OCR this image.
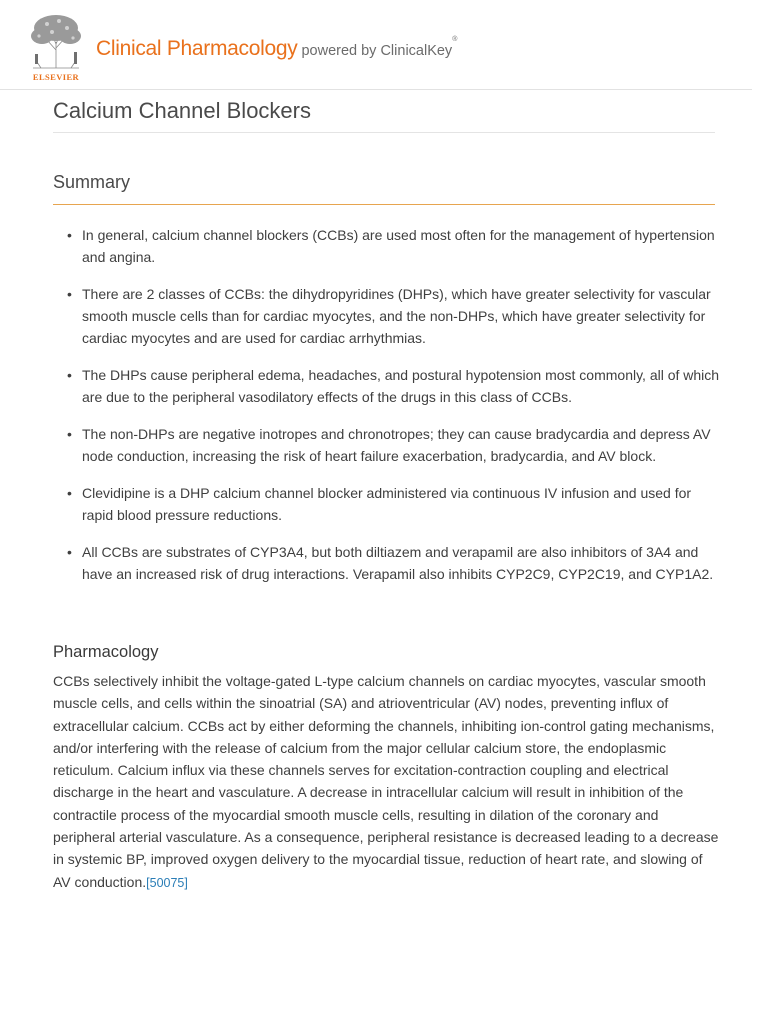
ELSEVIER
Clinical Pharmacology powered by ClinicalKey®
Calcium Channel Blockers
Summary
• In general, calcium channel blockers (CCBs) are used most often for the management of hypertension and angina.
• There are 2 classes of CCBs: the dihydropyridines (DHPs), which have greater selectivity for vascular smooth muscle cells than for cardiac myocytes, and the non-DHPs, which have greater selectivity for cardiac myocytes and are used for cardiac arrhythmias.
• The DHPs cause peripheral edema, headaches, and postural hypotension most commonly, all of which are due to the peripheral vasodilatory effects of the drugs in this class of CCBs.
• The non-DHPs are negative inotropes and chronotropes; they can cause bradycardia and depress AV node conduction, increasing the risk of heart failure exacerbation, bradycardia, and AV block.
• Clevidipine is a DHP calcium channel blocker administered via continuous IV infusion and used for rapid blood pressure reductions.
• All CCBs are substrates of CYP3A4, but both diltiazem and verapamil are also inhibitors of 3A4 and have an increased risk of drug interactions. Verapamil also inhibits CYP2C9, CYP2C19, and CYP1A2.
Pharmacology

CCBs selectively inhibit the voltage-gated L-type calcium channels on cardiac myocytes, vascular smooth muscle cells, and cells within the sinoatrial (SA) and atrioventricular (AV) nodes, preventing influx of extracellular calcium. CCBs act by either deforming the channels, inhibiting ion-control gating mechanisms, and/or interfering with the release of calcium from the major cellular calcium store, the endoplasmic reticulum. Calcium influx via these channels serves for excitation-contraction coupling and electrical discharge in the heart and vasculature. A decrease in intracellular calcium will result in inhibition of the contractile process of the myocardial smooth muscle cells, resulting in dilation of the coronary and peripheral arterial vasculature. As a consequence, peripheral resistance is decreased leading to a decrease in systemic BP, improved oxygen delivery to the myocardial tissue, reduction of heart rate, and slowing of AV conduction.[50075]
